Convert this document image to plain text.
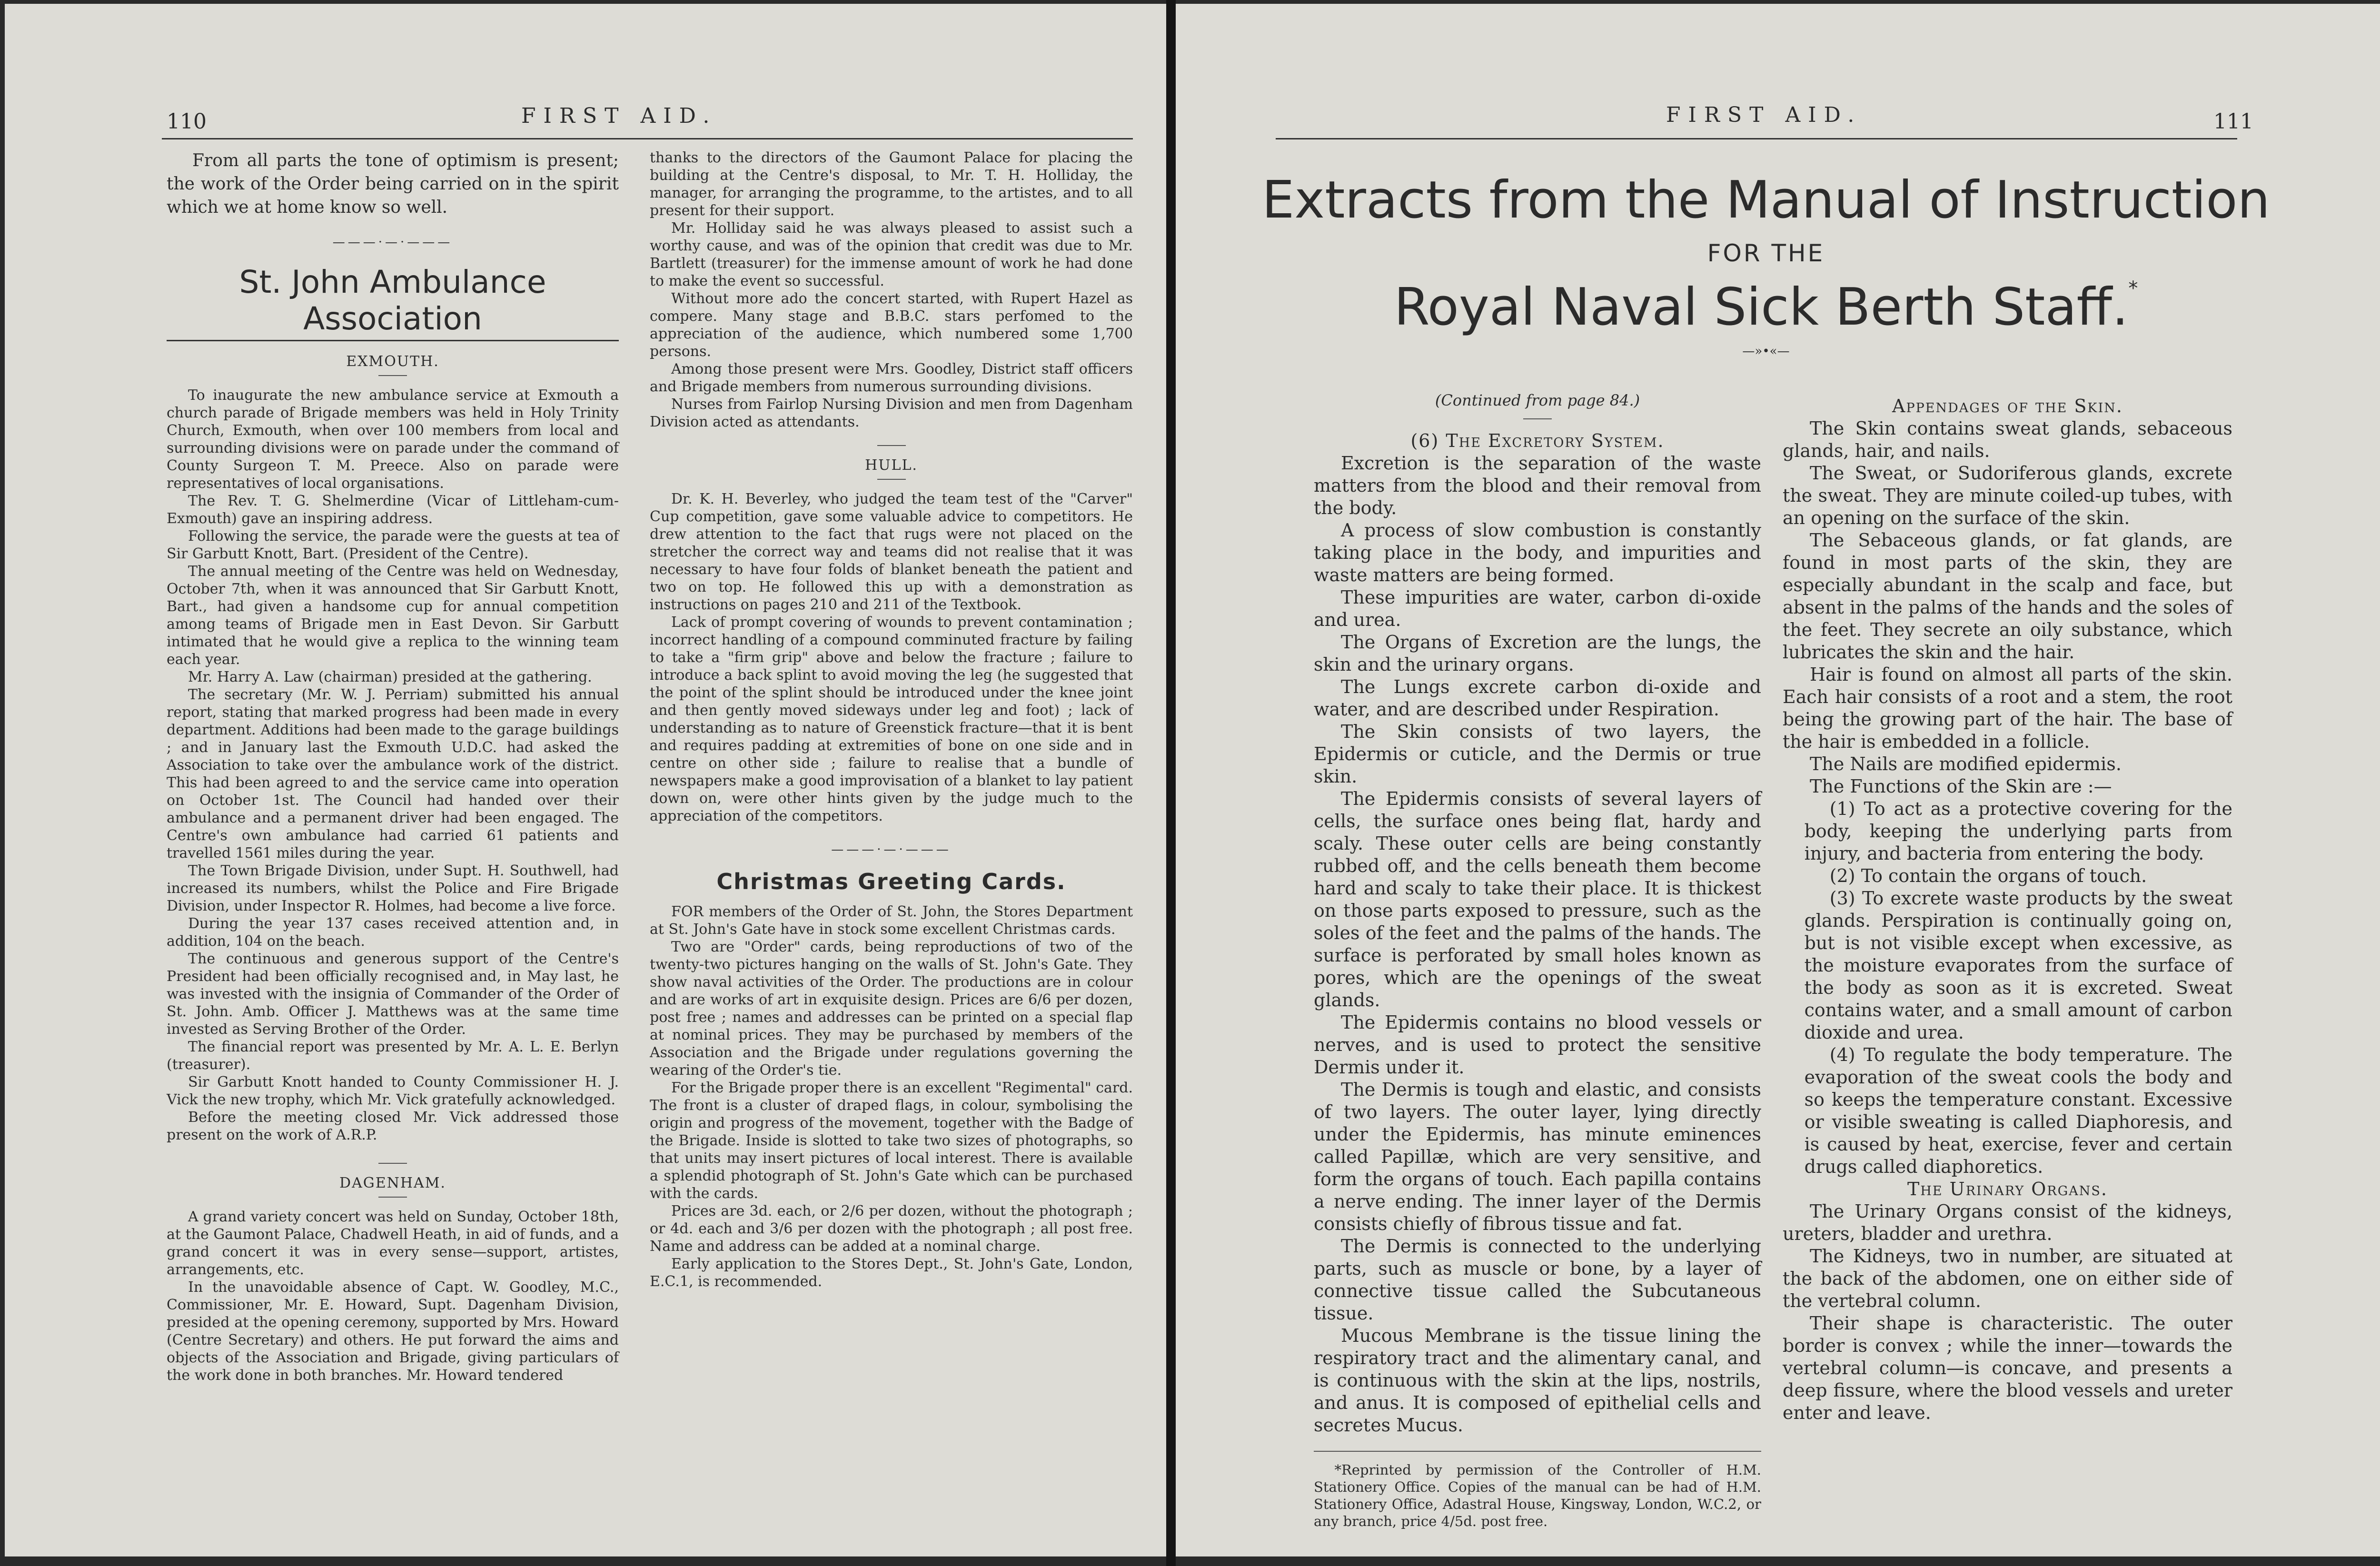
110	FIRST AID.

From all parts the tone of optimism is present; the work of the Order being carried on in the spirit which we at home know so well.

———·—·———
St. John Ambulance Association

EXMOUTH.

To inaugurate the new ambulance service at Exmouth a church parade of Brigade members was held in Holy Trinity Church, Exmouth, when over 100 members from local and surrounding divisions were on parade under the command of County Surgeon T. M. Preece. Also on parade were representatives of local organisations.

The Rev. T. G. Shelmerdine (Vicar of Littleham-cum-Exmouth) gave an inspiring address.

Following the service, the parade were the guests at tea of Sir Garbutt Knott, Bart. (President of the Centre).

The annual meeting of the Centre was held on Wednesday, October 7th, when it was announced that Sir Garbutt Knott, Bart., had given a handsome cup for annual competition among teams of Brigade men in East Devon. Sir Garbutt intimated that he would give a replica to the winning team each year.

Mr. Harry A. Law (chairman) presided at the gathering.

The secretary (Mr. W. J. Perriam) submitted his annual report, stating that marked progress had been made in every department. Additions had been made to the garage buildings ; and in January last the Exmouth U.D.C. had asked the Association to take over the ambulance work of the district. This had been agreed to and the service came into operation on October 1st. The Council had handed over their ambulance and a permanent driver had been engaged. The Centre's own ambulance had carried 61 patients and travelled 1561 miles during the year.

The Town Brigade Division, under Supt. H. Southwell, had increased its numbers, whilst the Police and Fire Brigade Division, under Inspector R. Holmes, had become a live force.

During the year 137 cases received attention and, in addition, 104 on the beach.

The continuous and generous support of the Centre's President had been officially recognised and, in May last, he was invested with the insignia of Commander of the Order of St. John. Amb. Officer J. Matthews was at the same time invested as Serving Brother of the Order.

The financial report was presented by Mr. A. L. E. Berlyn (treasurer).

Sir Garbutt Knott handed to County Commissioner H. J. Vick the new trophy, which Mr. Vick gratefully acknowledged.

Before the meeting closed Mr. Vick addressed those present on the work of A.R.P.

DAGENHAM.

A grand variety concert was held on Sunday, October 18th, at the Gaumont Palace, Chadwell Heath, in aid of funds, and a grand concert it was in every sense—support, artistes, arrangements, etc.

In the unavoidable absence of Capt. W. Goodley, M.C., Commissioner, Mr. E. Howard, Supt. Dagenham Division, presided at the opening ceremony, supported by Mrs. Howard (Centre Secretary) and others. He put forward the aims and objects of the Association and Brigade, giving particulars of the work done in both branches. Mr. Howard tendered

thanks to the directors of the Gaumont Palace for placing the building at the Centre's disposal, to Mr. T. H. Holliday, the manager, for arranging the programme, to the artistes, and to all present for their support.

Mr. Holliday said he was always pleased to assist such a worthy cause, and was of the opinion that credit was due to Mr. Bartlett (treasurer) for the immense amount of work he had done to make the event so successful.

Without more ado the concert started, with Rupert Hazel as compere. Many stage and B.B.C. stars perfomed to the appreciation of the audience, which numbered some 1,700 persons.

Among those present were Mrs. Goodley, District staff officers and Brigade members from numerous surrounding divisions.

Nurses from Fairlop Nursing Division and men from Dagenham Division acted as attendants.

HULL.

Dr. K. H. Beverley, who judged the team test of the "Carver" Cup competition, gave some valuable advice to competitors. He drew attention to the fact that rugs were not placed on the stretcher the correct way and teams did not realise that it was necessary to have four folds of blanket beneath the patient and two on top. He followed this up with a demonstration as instructions on pages 210 and 211 of the Textbook.

Lack of prompt covering of wounds to prevent contamination ; incorrect handling of a compound comminuted fracture by failing to take a "firm grip" above and below the fracture ; failure to introduce a back splint to avoid moving the leg (he suggested that the point of the splint should be introduced under the knee joint and then gently moved sideways under leg and foot) ; lack of understanding as to nature of Greenstick fracture—that it is bent and requires padding at extremities of bone on one side and in centre on other side ; failure to realise that a bundle of newspapers make a good improvisation of a blanket to lay patient down on, were other hints given by the judge much to the appreciation of the competitors.

———·—·———
Christmas Greeting Cards.

FOR members of the Order of St. John, the Stores Department at St. John's Gate have in stock some excellent Christmas cards.

Two are "Order" cards, being reproductions of two of the twenty-two pictures hanging on the walls of St. John's Gate. They show naval activities of the Order. The productions are in colour and are works of art in exquisite design. Prices are 6/6 per dozen, post free ; names and addresses can be printed on a special flap at nominal prices. They may be purchased by members of the Association and the Brigade under regulations governing the wearing of the Order's tie.

For the Brigade proper there is an excellent "Regimental" card. The front is a cluster of draped flags, in colour, symbolising the origin and progress of the movement, together with the Badge of the Brigade. Inside is slotted to take two sizes of photographs, so that units may insert pictures of local interest. There is available a splendid photograph of St. John's Gate which can be purchased with the cards.

Prices are 3d. each, or 2/6 per dozen, without the photograph ; or 4d. each and 3/6 per dozen with the photograph ; all post free. Name and address can be added at a nominal charge.

Early application to the Stores Dept., St. John's Gate, London, E.C.1, is recommended.

FIRST AID.	111
Extracts from the Manual of Instruction
FOR THE
Royal Naval Sick Berth Staff.*
—»•«—

(Continued from page 84.)

(6) The Excretory System.

Excretion is the separation of the waste matters from the blood and their removal from the body.

A process of slow combustion is constantly taking place in the body, and impurities and waste matters are being formed.

These impurities are water, carbon di-oxide and urea.

The Organs of Excretion are the lungs, the skin and the urinary organs.

The Lungs excrete carbon di-oxide and water, and are described under Respiration.

The Skin consists of two layers, the Epidermis or cuticle, and the Dermis or true skin.

The Epidermis consists of several layers of cells, the surface ones being flat, hardy and scaly. These outer cells are being constantly rubbed off, and the cells beneath them become hard and scaly to take their place. It is thickest on those parts exposed to pressure, such as the soles of the feet and the palms of the hands. The surface is perforated by small holes known as pores, which are the openings of the sweat glands.

The Epidermis contains no blood vessels or nerves, and is used to protect the sensitive Dermis under it.

The Dermis is tough and elastic, and consists of two layers. The outer layer, lying directly under the Epidermis, has minute eminences called Papillæ, which are very sensitive, and form the organs of touch. Each papilla contains a nerve ending. The inner layer of the Dermis consists chiefly of fibrous tissue and fat.

The Dermis is connected to the underlying parts, such as muscle or bone, by a layer of connective tissue called the Subcutaneous tissue.

Mucous Membrane is the tissue lining the respiratory tract and the alimentary canal, and is continuous with the skin at the lips, nostrils, and anus. It is composed of epithelial cells and secretes Mucus.

*Reprinted by permission of the Controller of H.M. Stationery Office. Copies of the manual can be had of H.M. Stationery Office, Adastral House, Kingsway, London, W.C.2, or any branch, price 4/5d. post free.

Appendages of the Skin.

The Skin contains sweat glands, sebaceous glands, hair, and nails.

The Sweat, or Sudoriferous glands, excrete the sweat. They are minute coiled-up tubes, with an opening on the surface of the skin.

The Sebaceous glands, or fat glands, are found in most parts of the skin, they are especially abundant in the scalp and face, but absent in the palms of the hands and the soles of the feet. They secrete an oily substance, which lubricates the skin and the hair.

Hair is found on almost all parts of the skin. Each hair consists of a root and a stem, the root being the growing part of the hair. The base of the hair is embedded in a follicle.

The Nails are modified epidermis.

The Functions of the Skin are :—

(1) To act as a protective covering for the body, keeping the underlying parts from injury, and bacteria from entering the body.

(2) To contain the organs of touch.

(3) To excrete waste products by the sweat glands. Perspiration is continually going on, but is not visible except when excessive, as the moisture evaporates from the surface of the body as soon as it is excreted. Sweat contains water, and a small amount of carbon dioxide and urea.

(4) To regulate the body temperature. The evaporation of the sweat cools the body and so keeps the temperature constant. Excessive or visible sweating is called Diaphoresis, and is caused by heat, exercise, fever and certain drugs called diaphoretics.

The Urinary Organs.

The Urinary Organs consist of the kidneys, ureters, bladder and urethra.

The Kidneys, two in number, are situated at the back of the abdomen, one on either side of the vertebral column.

Their shape is characteristic. The outer border is convex ; while the inner—towards the vertebral column—is concave, and presents a deep fissure, where the blood vessels and ureter enter and leave.
